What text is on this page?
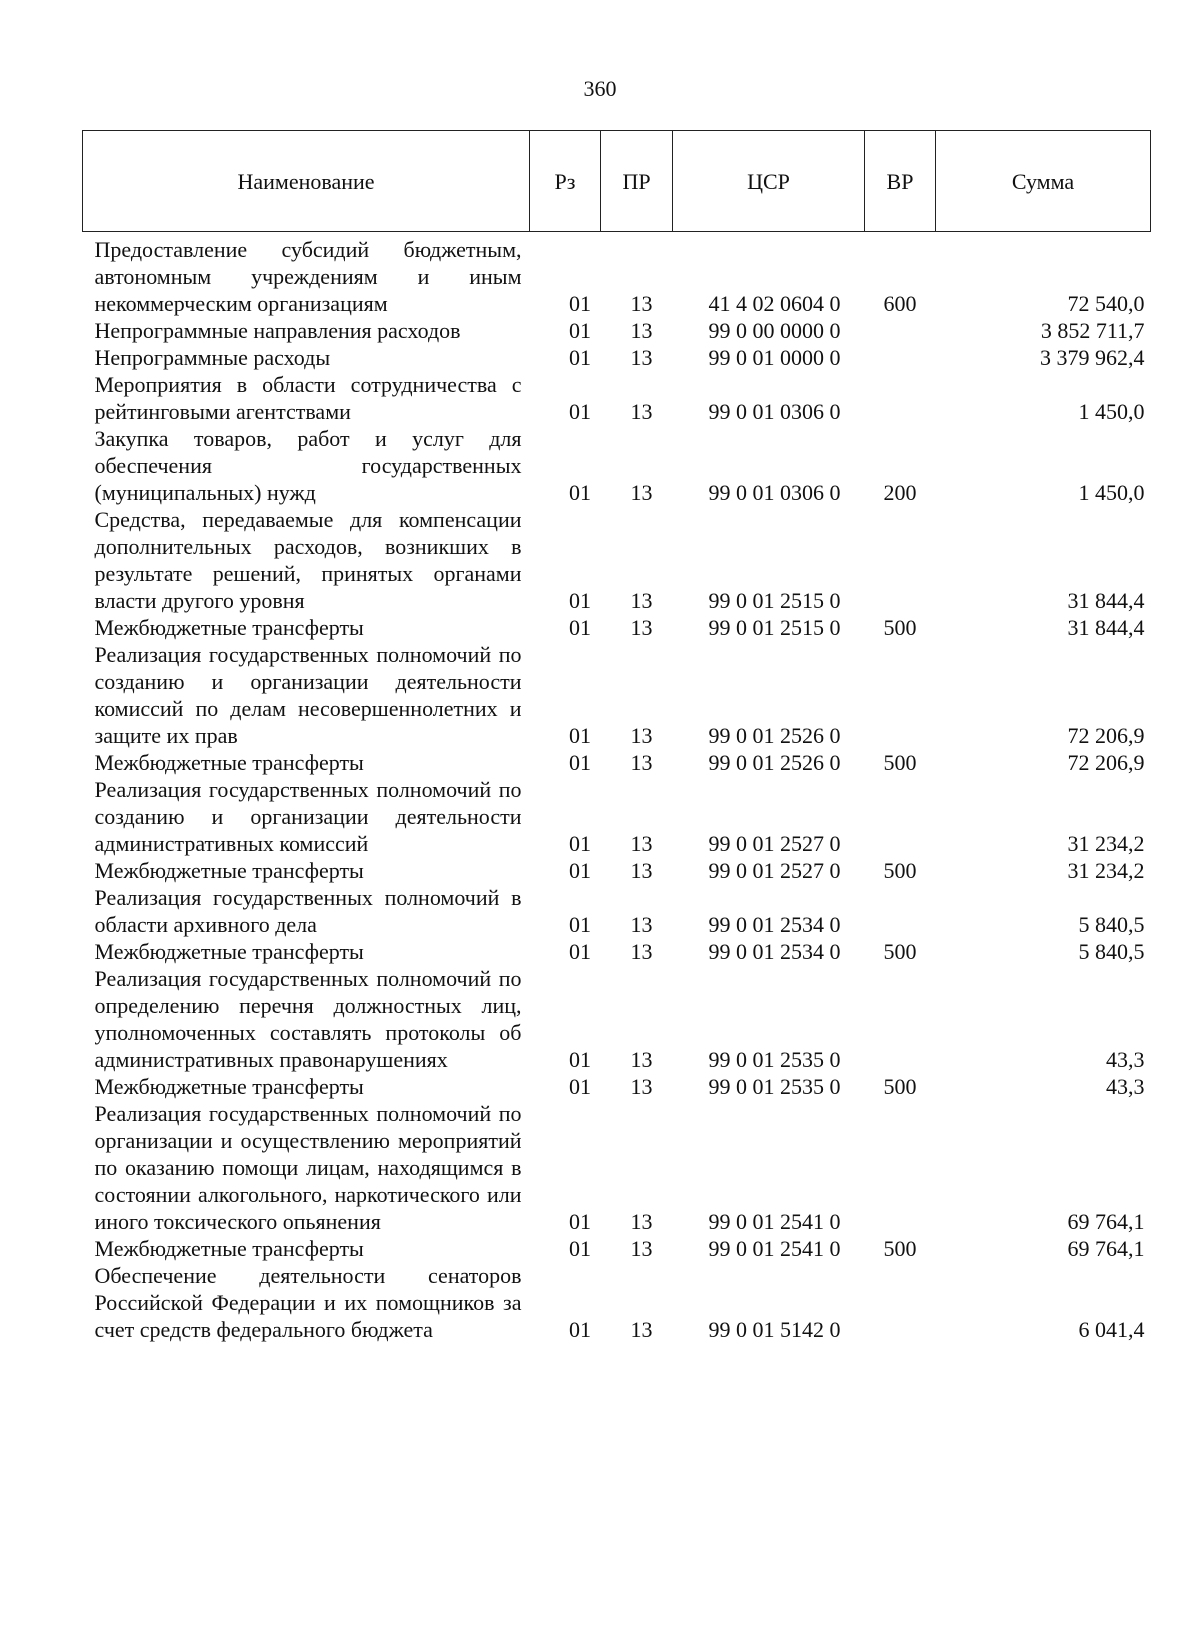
360
Наименование	Рз	ПР	ЦСР	ВР	Сумма
Предоставление субсидий бюджетным, автономным учреждениям и иным некоммерческим организациям	01	13	41 4 02 0604 0	600	72 540,0
Непрограммные направления расходов	01	13	99 0 00 0000 0		3 852 711,7
Непрограммные расходы	01	13	99 0 01 0000 0		3 379 962,4
Мероприятия в области сотрудничества с рейтинговыми агентствами	01	13	99 0 01 0306 0		1 450,0
Закупка товаров, работ и услуг для обеспечения государственных (муниципальных) нужд	01	13	99 0 01 0306 0	200	1 450,0
Средства, передаваемые для компенсации дополнительных расходов, возникших в результате решений, принятых органами власти другого уровня	01	13	99 0 01 2515 0		31 844,4
Межбюджетные трансферты	01	13	99 0 01 2515 0	500	31 844,4
Реализация государственных полномочий по созданию и организации деятельности комиссий по делам несовершеннолетних и защите их прав	01	13	99 0 01 2526 0		72 206,9
Межбюджетные трансферты	01	13	99 0 01 2526 0	500	72 206,9
Реализация государственных полномочий по созданию и организации деятельности административных комиссий	01	13	99 0 01 2527 0		31 234,2
Межбюджетные трансферты	01	13	99 0 01 2527 0	500	31 234,2
Реализация государственных полномочий в области архивного дела	01	13	99 0 01 2534 0		5 840,5
Межбюджетные трансферты	01	13	99 0 01 2534 0	500	5 840,5
Реализация государственных полномочий по определению перечня должностных лиц, уполномоченных составлять протоколы об административных правонарушениях	01	13	99 0 01 2535 0		43,3
Межбюджетные трансферты	01	13	99 0 01 2535 0	500	43,3
Реализация государственных полномочий по организации и осуществлению мероприятий по оказанию помощи лицам, находящимся в состоянии алкогольного, наркотического или иного токсического опьянения	01	13	99 0 01 2541 0		69 764,1
Межбюджетные трансферты	01	13	99 0 01 2541 0	500	69 764,1
Обеспечение деятельности сенаторов Российской Федерации и их помощников за счет средств федерального бюджета	01	13	99 0 01 5142 0		6 041,4
